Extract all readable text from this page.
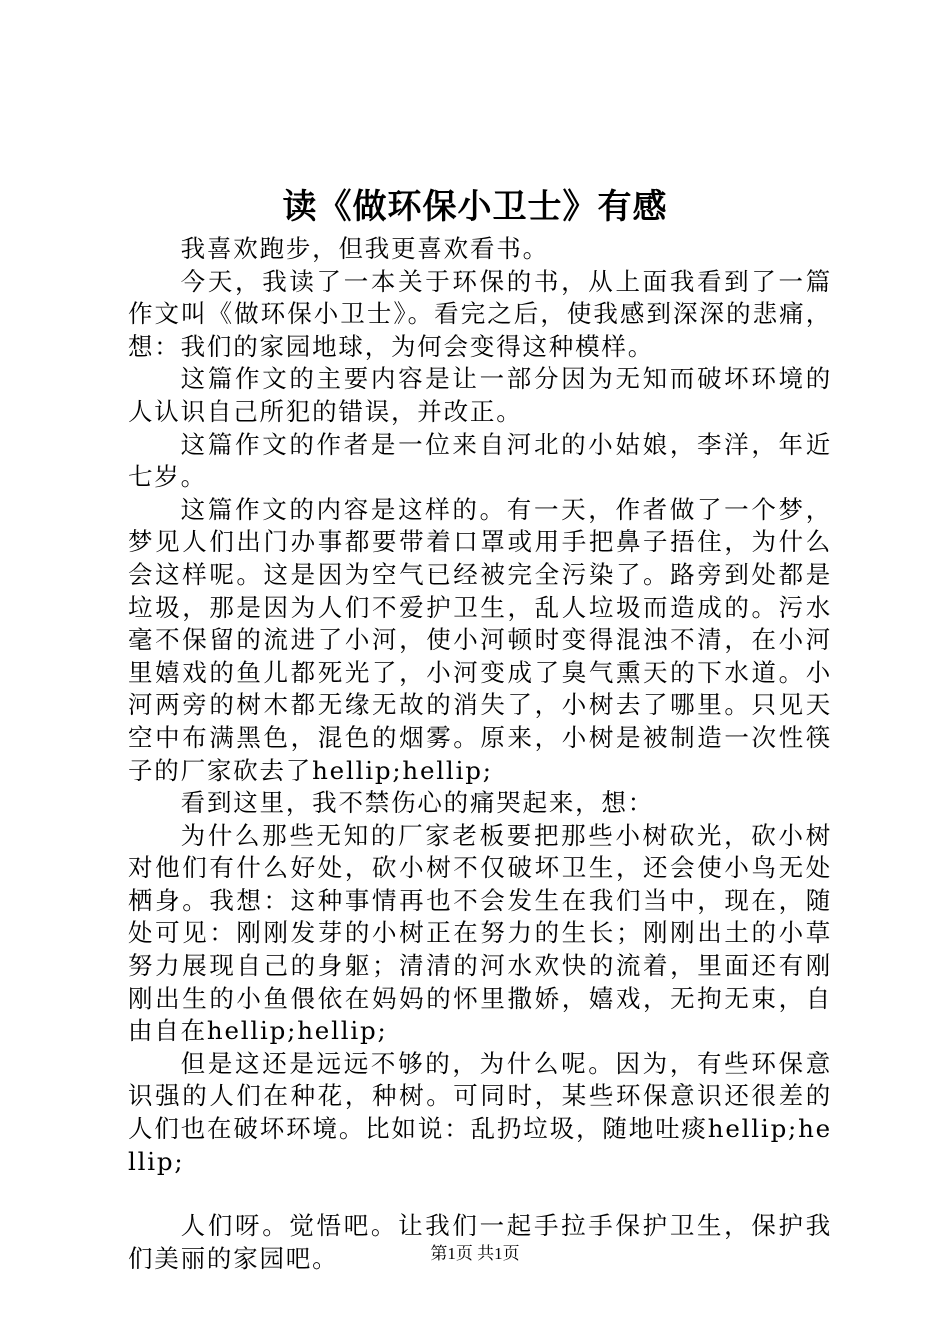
读《做环保小卫士》有感

我喜欢跑步，但我更喜欢看书。

今天，我读了一本关于环保的书，从上面我看到了一篇作文叫《做环保小卫士》。看完之后，使我感到深深的悲痛，想：我们的家园地球，为何会变得这种模样。

这篇作文的主要内容是让一部分因为无知而破坏环境的人认识自己所犯的错误，并改正。

这篇作文的作者是一位来自河北的小姑娘，李洋，年近七岁。

这篇作文的内容是这样的。有一天，作者做了一个梦，梦见人们出门办事都要带着口罩或用手把鼻子捂住，为什么会这样呢。这是因为空气已经被完全污染了。路旁到处都是垃圾，那是因为人们不爱护卫生，乱人垃圾而造成的。污水毫不保留的流进了小河，使小河顿时变得混浊不清，在小河里嬉戏的鱼儿都死光了，小河变成了臭气熏天的下水道。小河两旁的树木都无缘无故的消失了，小树去了哪里。只见天空中布满黑色，混色的烟雾。原来，小树是被制造一次性筷子的厂家砍去了hellip;hellip;

看到这里，我不禁伤心的痛哭起来，想：

为什么那些无知的厂家老板要把那些小树砍光，砍小树对他们有什么好处，砍小树不仅破坏卫生，还会使小鸟无处栖身。我想：这种事情再也不会发生在我们当中，现在，随处可见：刚刚发芽的小树正在努力的生长；刚刚出土的小草努力展现自己的身躯；清清的河水欢快的流着，里面还有刚刚出生的小鱼偎依在妈妈的怀里撒娇，嬉戏，无拘无束，自由自在hellip;hellip;

但是这还是远远不够的，为什么呢。因为，有些环保意识强的人们在种花，种树。可同时，某些环保意识还很差的人们也在破坏环境。比如说：乱扔垃圾，随地吐痰hellip;hellip;

人们呀。觉悟吧。让我们一起手拉手保护卫生，保护我们美丽的家园吧。	第1页 共1页
